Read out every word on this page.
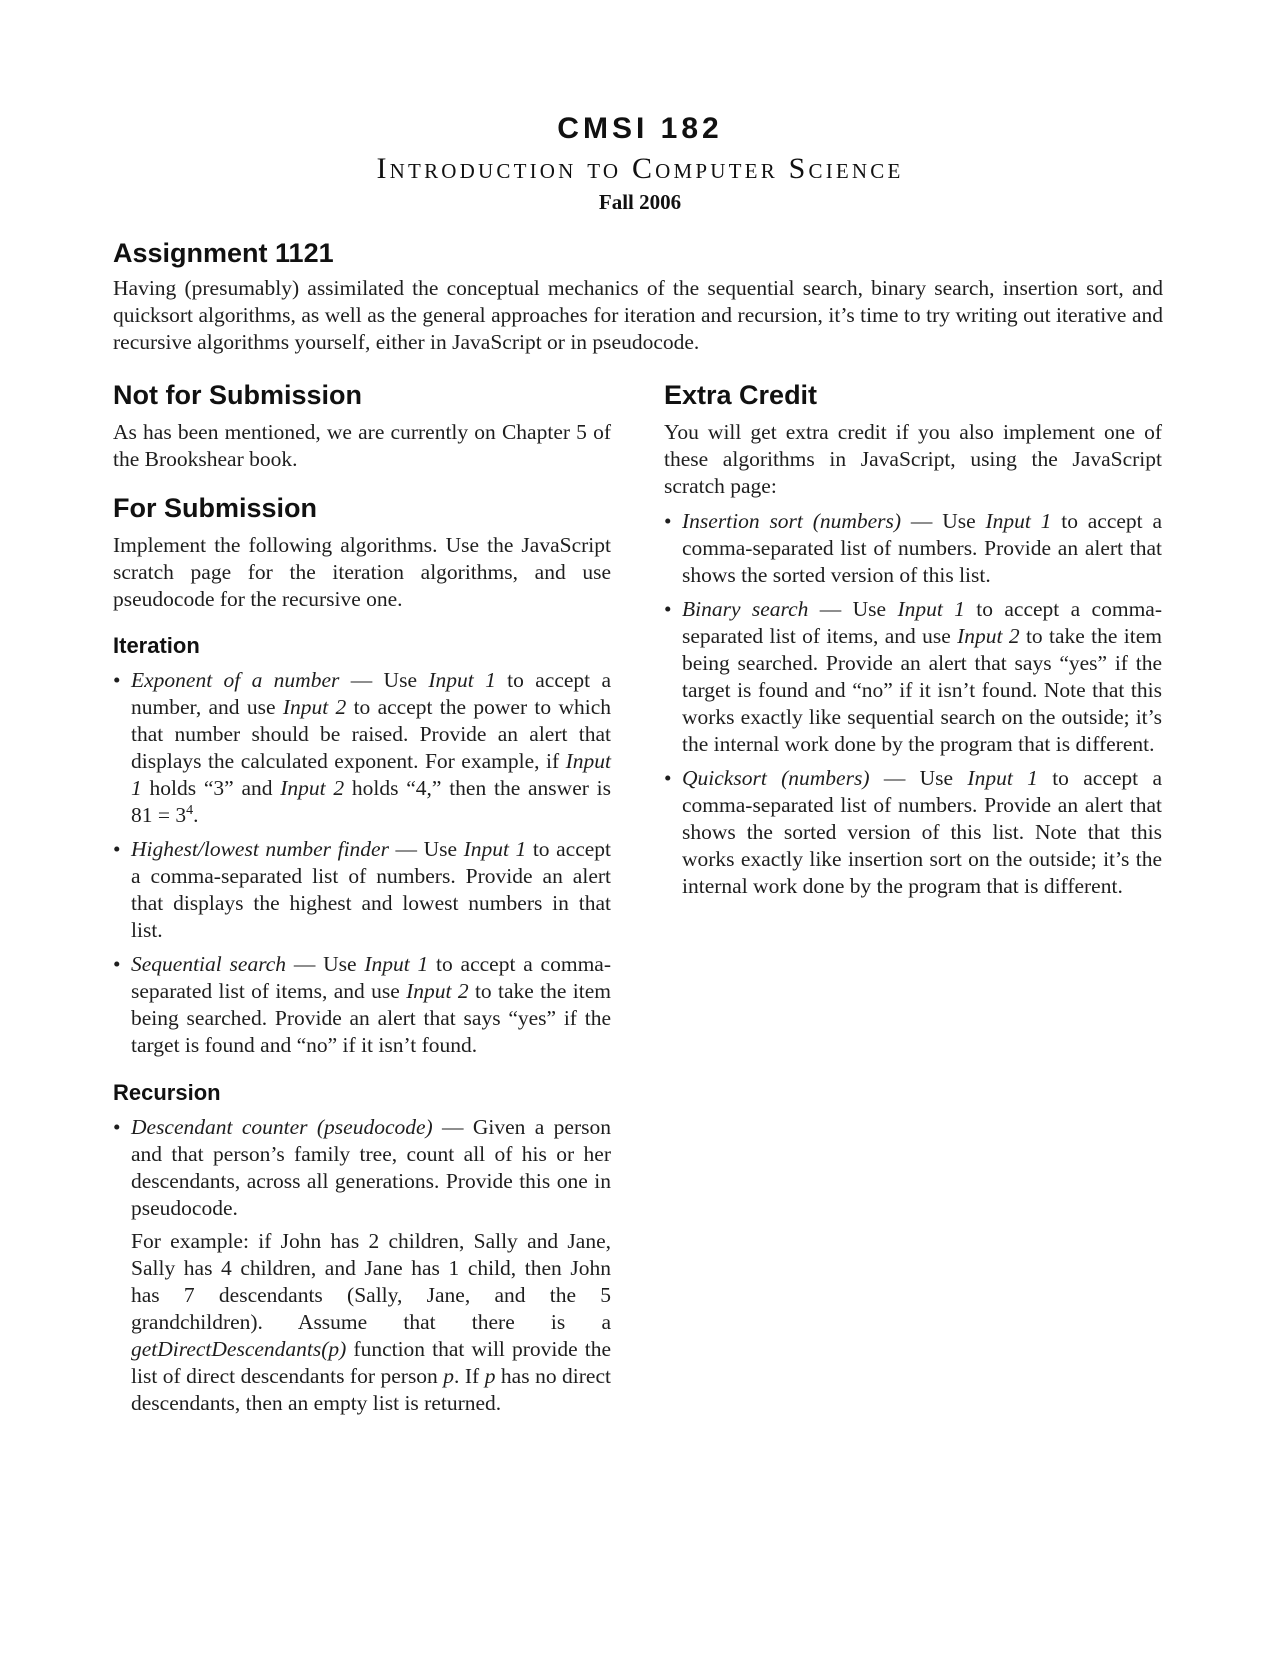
CMSI 182
Introduction to Computer Science
Fall 2006
Assignment 1121

Having (presumably) assimilated the conceptual mechanics of the sequential search, binary search, insertion sort, and quicksort algorithms, as well as the general approaches for iteration and recursion, it’s time to try writing out iterative and recursive algorithms yourself, either in JavaScript or in pseudocode.

Not for Submission

As has been mentioned, we are currently on Chapter 5 of the Brookshear book.

For Submission

Implement the following algorithms. Use the JavaScript scratch page for the iteration algorithms, and use pseudocode for the recursive one.

Iteration
• Exponent of a number — Use Input 1 to accept a number, and use Input 2 to accept the power to which that number should be raised. Provide an alert that displays the calculated exponent. For example, if Input 1 holds “3” and Input 2 holds “4,” then the answer is $81 = 3^4$.
• Highest/lowest number finder — Use Input 1 to accept a comma-separated list of numbers. Provide an alert that displays the highest and lowest numbers in that list.
• Sequential search — Use Input 1 to accept a comma-separated list of items, and use Input 2 to take the item being searched. Provide an alert that says “yes” if the target is found and “no” if it isn’t found.
Recursion
• Descendant counter (pseudocode) — Given a person and that person’s family tree, count all of his or her descendants, across all generations. Provide this one in pseudocode.
For example: if John has 2 children, Sally and Jane, Sally has 4 children, and Jane has 1 child, then John has 7 descendants (Sally, Jane, and the 5 grandchildren). Assume that there is a getDirectDescendants(p) function that will provide the list of direct descendants for person p. If p has no direct descendants, then an empty list is returned.
Extra Credit

You will get extra credit if you also implement one of these algorithms in JavaScript, using the JavaScript scratch page:

• Insertion sort (numbers) — Use Input 1 to accept a comma-separated list of numbers. Provide an alert that shows the sorted version of this list.
• Binary search — Use Input 1 to accept a comma-separated list of items, and use Input 2 to take the item being searched. Provide an alert that says “yes” if the target is found and “no” if it isn’t found. Note that this works exactly like sequential search on the outside; it’s the internal work done by the program that is different.
• Quicksort (numbers) — Use Input 1 to accept a comma-separated list of numbers. Provide an alert that shows the sorted version of this list. Note that this works exactly like insertion sort on the outside; it’s the internal work done by the program that is different.
